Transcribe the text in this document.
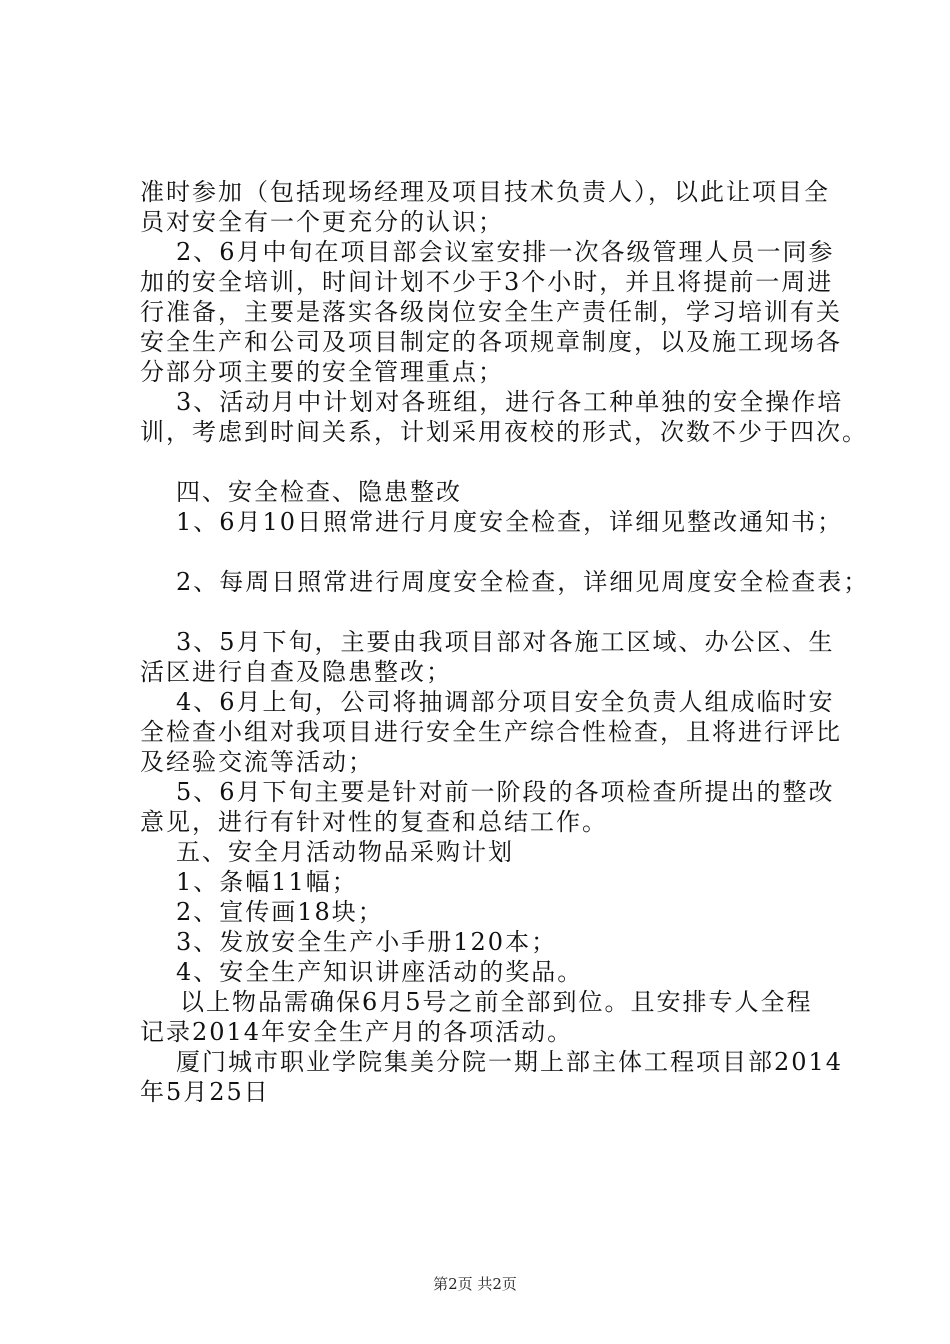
准时参加（包括现场经理及项目技术负责人），以此让项目全
员对安全有一个更充分的认识；
2、6月中旬在项目部会议室安排一次各级管理人员一同参
加的安全培训，时间计划不少于3个小时，并且将提前一周进
行准备，主要是落实各级岗位安全生产责任制，学习培训有关
安全生产和公司及项目制定的各项规章制度，以及施工现场各
分部分项主要的安全管理重点；
3、活动月中计划对各班组，进行各工种单独的安全操作培
训，考虑到时间关系，计划采用夜校的形式，次数不少于四次。
四、安全检查、隐患整改
1、6月10日照常进行月度安全检查，详细见整改通知书；
2、每周日照常进行周度安全检查，详细见周度安全检查表；
3、5月下旬，主要由我项目部对各施工区域、办公区、生
活区进行自查及隐患整改；
4、6月上旬，公司将抽调部分项目安全负责人组成临时安
全检查小组对我项目进行安全生产综合性检查，且将进行评比
及经验交流等活动；
5、6月下旬主要是针对前一阶段的各项检查所提出的整改
意见，进行有针对性的复查和总结工作。
五、安全月活动物品采购计划
1、条幅11幅；
2、宣传画18块；
3、发放安全生产小手册120本；
4、安全生产知识讲座活动的奖品。
以上物品需确保6月5号之前全部到位。且安排专人全程
记录2014年安全生产月的各项活动。
厦门城市职业学院集美分院一期上部主体工程项目部2014
年5月25日
第2页 共2页
